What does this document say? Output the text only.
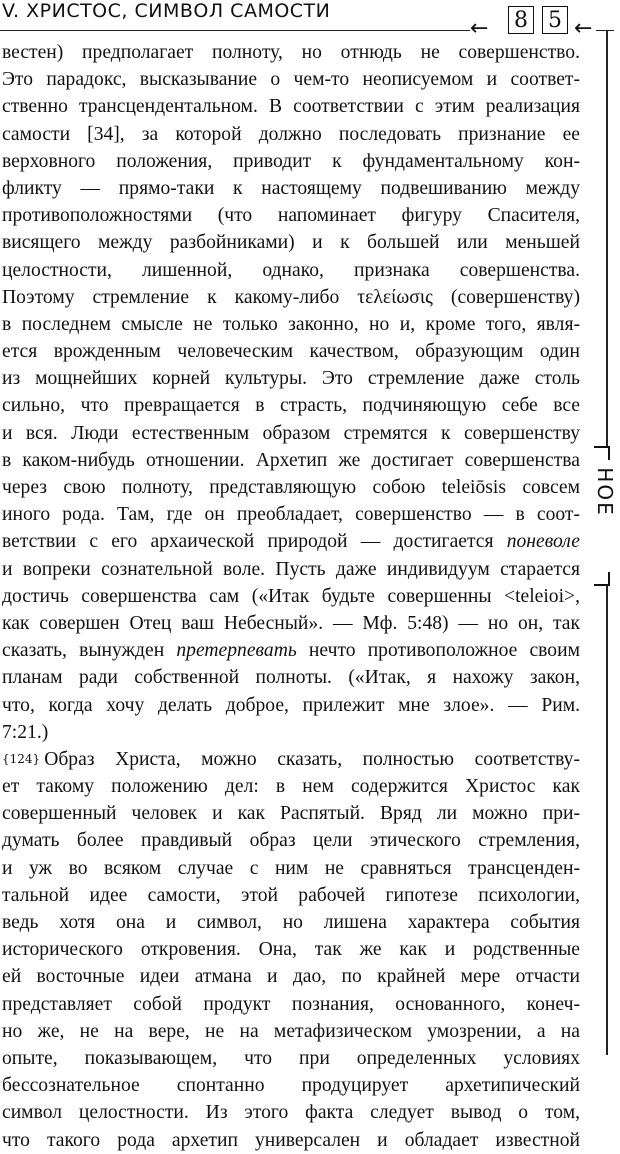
V. ХРИСТОС, СИМВОЛ САМОСТИ
← 8 5 ←
НОЕ
вестен) предполагает полноту, но отнюдь не совершенство.
Это парадокс, высказывание о чем-то неописуемом и соответ-
ственно трансцендентальном. В соответствии с этим реализация
самости [34], за которой должно последовать признание ее
верховного положения, приводит к фундаментальному кон-
фликту — прямо-таки к настоящему подвешиванию между
противоположностями (что напоминает фигуру Спасителя,
висящего между разбойниками) и к большей или меньшей
целостности, лишенной, однако, признака совершенства.
Поэтому стремление к какому-либо τελείωσις (совершенству)
в последнем смысле не только законно, но и, кроме того, явля-
ется врожденным человеческим качеством, образующим один
из мощнейших корней культуры. Это стремление даже столь
сильно, что превращается в страсть, подчиняющую себе все
и вся. Люди естественным образом стремятся к совершенству
в каком-нибудь отношении. Архетип же достигает совершенства
через свою полноту, представляющую собою teleiōsis совсем
иного рода. Там, где он преобладает, совершенство — в соот-
ветствии с его архаической природой — достигается поневоле
и вопреки сознательной воле. Пусть даже индивидуум старается
достичь совершенства сам («Итак будьте совершенны <teleioi>,
как совершен Отец ваш Небесный». — Мф. 5:48) — но он, так
сказать, вынужден претерпевать нечто противоположное своим
планам ради собственной полноты. («Итак, я нахожу закон,
что, когда хочу делать доброе, прилежит мне злое». — Рим.
7:21.)
{124} Образ Христа, можно сказать, полностью соответству-
ет такому положению дел: в нем содержится Христос как
совершенный человек и как Распятый. Вряд ли можно при-
думать более правдивый образ цели этического стремления,
и уж во всяком случае с ним не сравняться трансценден-
тальной идее самости, этой рабочей гипотезе психологии,
ведь хотя она и символ, но лишена характера события
исторического откровения. Она, так же как и родственные
ей восточные идеи атмана и дао, по крайней мере отчасти
представляет собой продукт познания, основанного, конеч-
но же, не на вере, не на метафизическом умозрении, а на
опыте, показывающем, что при определенных условиях
бессознательное спонтанно продуцирует архетипический
символ целостности. Из этого факта следует вывод о том,
что такого рода архетип универсален и обладает известной
